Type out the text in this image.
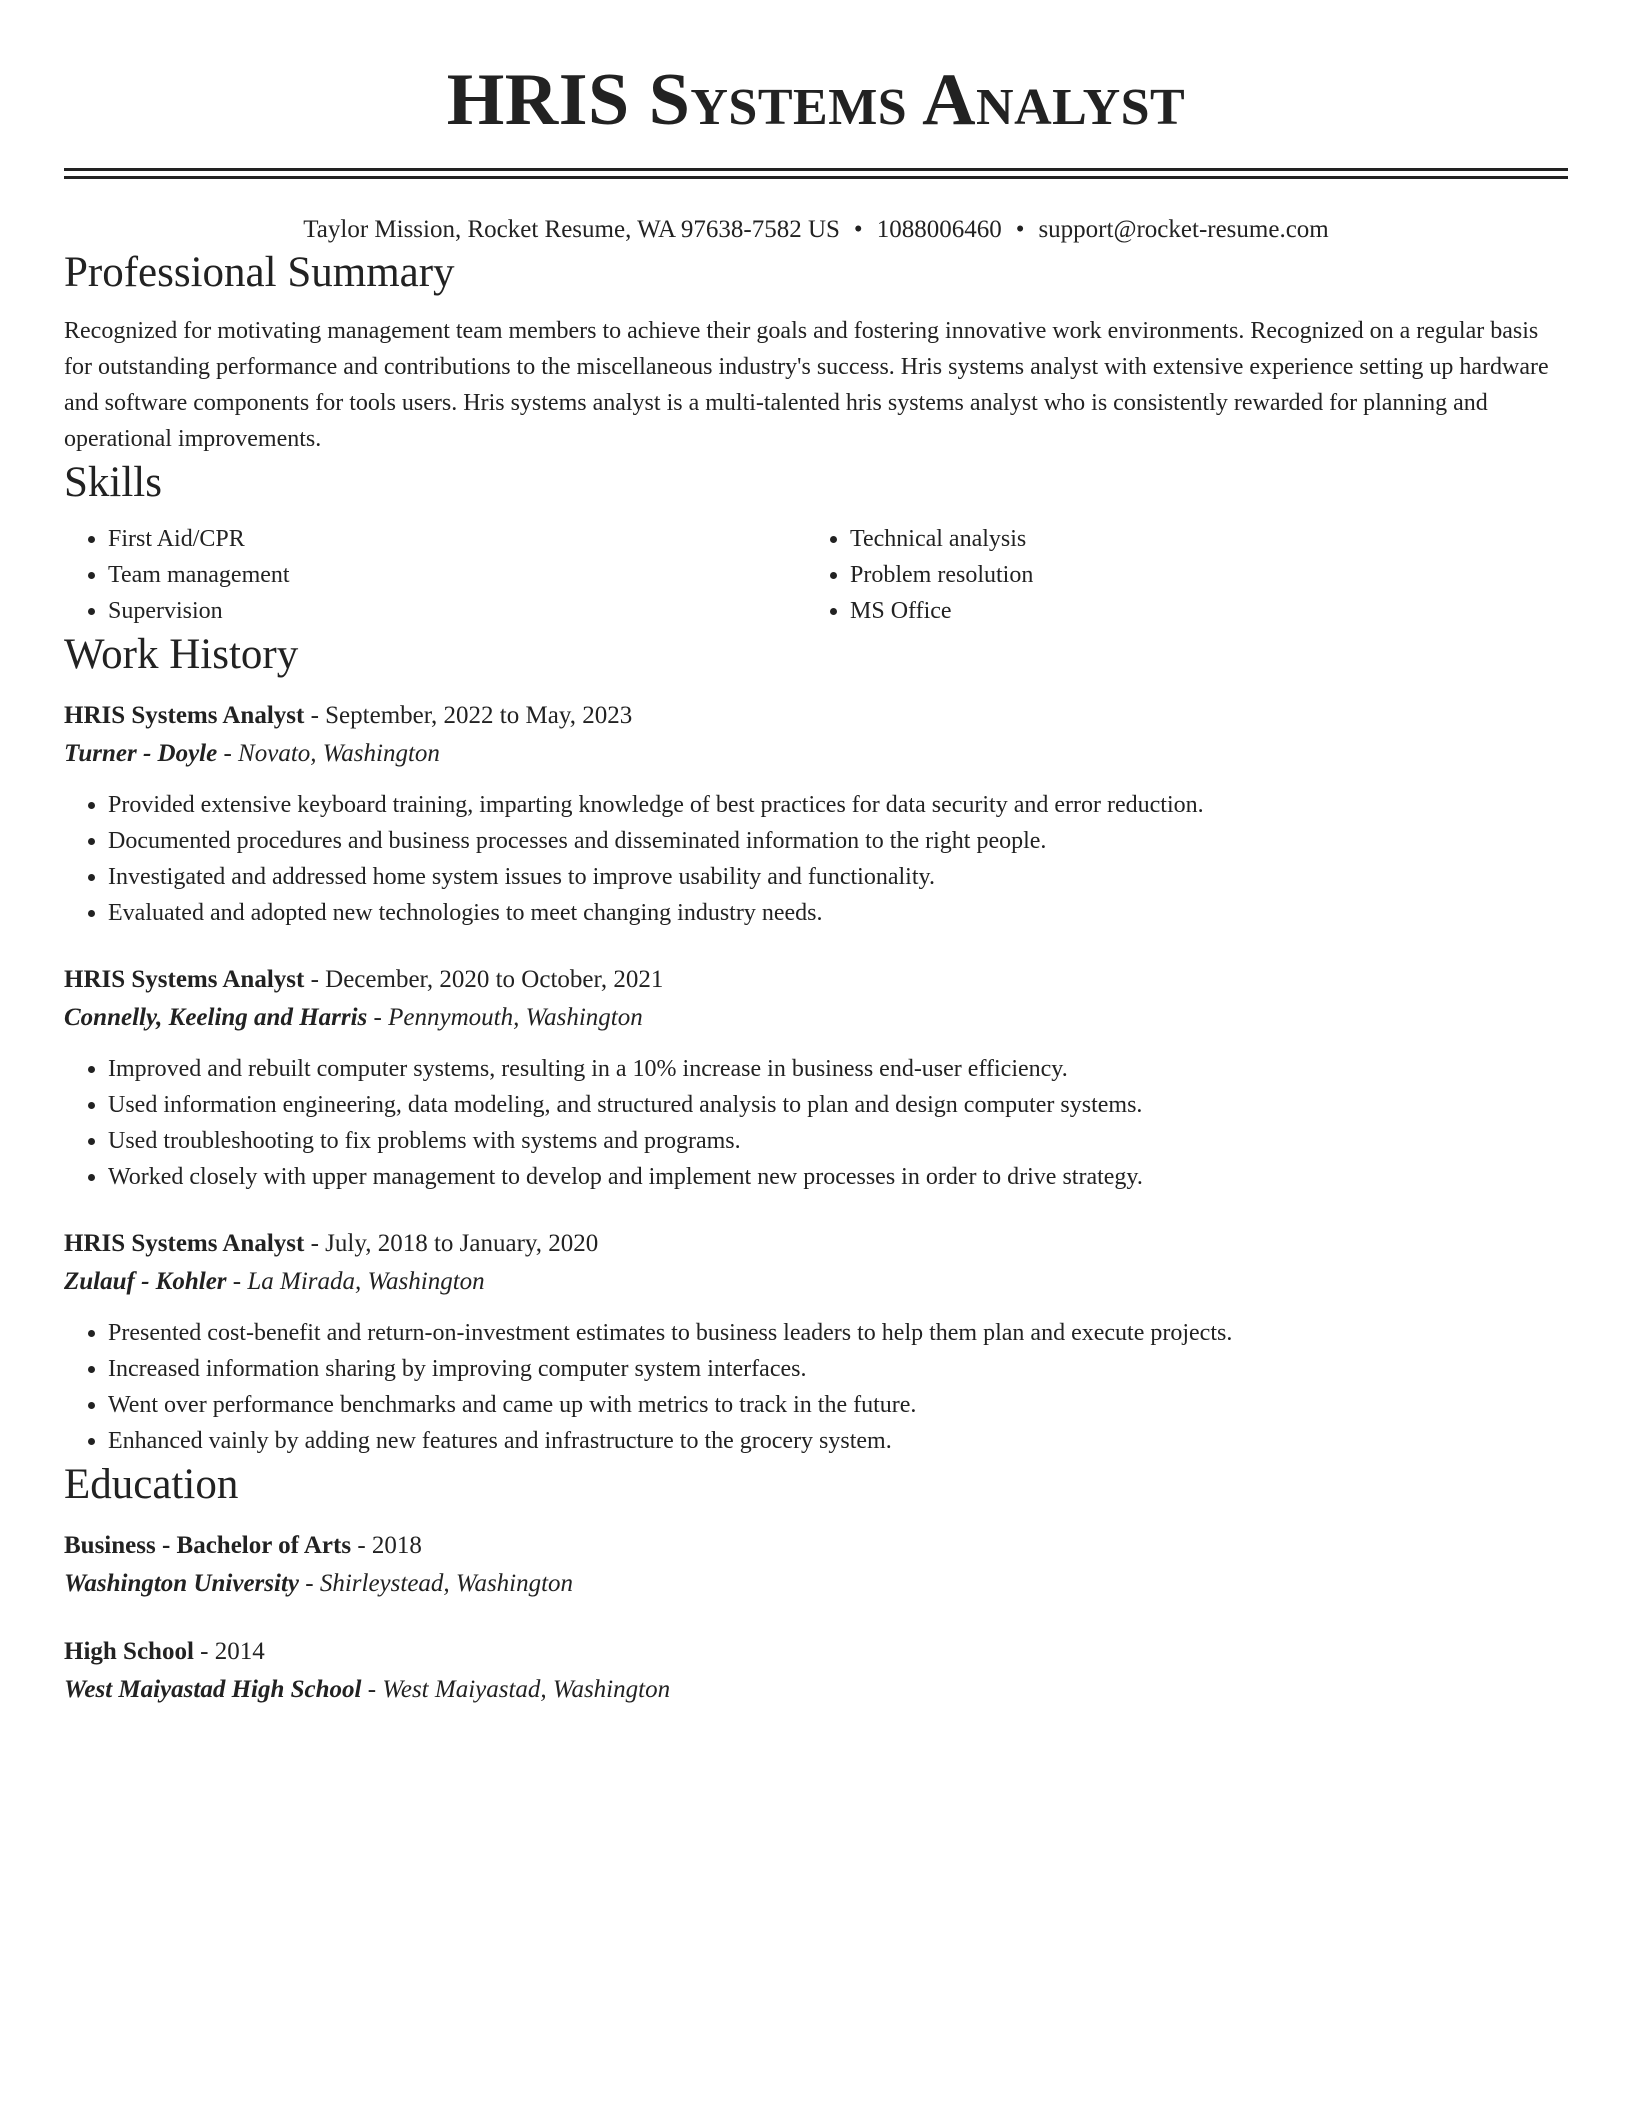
HRIS Systems Analyst
Taylor Mission, Rocket Resume, WA 97638-7582 US • 1088006460 • support@rocket-resume.com
Professional Summary

Recognized for motivating management team members to achieve their goals and fostering innovative work environments. Recognized on a regular basis for outstanding performance and contributions to the miscellaneous industry's success. Hris systems analyst with extensive experience setting up hardware and software components for tools users. Hris systems analyst is a multi-talented hris systems analyst who is consistently rewarded for planning and operational improvements.

Skills
• First Aid/CPR
• Team management
• Supervision
• Technical analysis
• Problem resolution
• MS Office
Work History
HRIS Systems Analyst - September, 2022 to May, 2023
Turner - Doyle - Novato, Washington
• Provided extensive keyboard training, imparting knowledge of best practices for data security and error reduction.
• Documented procedures and business processes and disseminated information to the right people.
• Investigated and addressed home system issues to improve usability and functionality.
• Evaluated and adopted new technologies to meet changing industry needs.
HRIS Systems Analyst - December, 2020 to October, 2021
Connelly, Keeling and Harris - Pennymouth, Washington
• Improved and rebuilt computer systems, resulting in a 10% increase in business end-user efficiency.
• Used information engineering, data modeling, and structured analysis to plan and design computer systems.
• Used troubleshooting to fix problems with systems and programs.
• Worked closely with upper management to develop and implement new processes in order to drive strategy.
HRIS Systems Analyst - July, 2018 to January, 2020
Zulauf - Kohler - La Mirada, Washington
• Presented cost-benefit and return-on-investment estimates to business leaders to help them plan and execute projects.
• Increased information sharing by improving computer system interfaces.
• Went over performance benchmarks and came up with metrics to track in the future.
• Enhanced vainly by adding new features and infrastructure to the grocery system.
Education
Business - Bachelor of Arts - 2018
Washington University - Shirleystead, Washington
High School - 2014
West Maiyastad High School - West Maiyastad, Washington
